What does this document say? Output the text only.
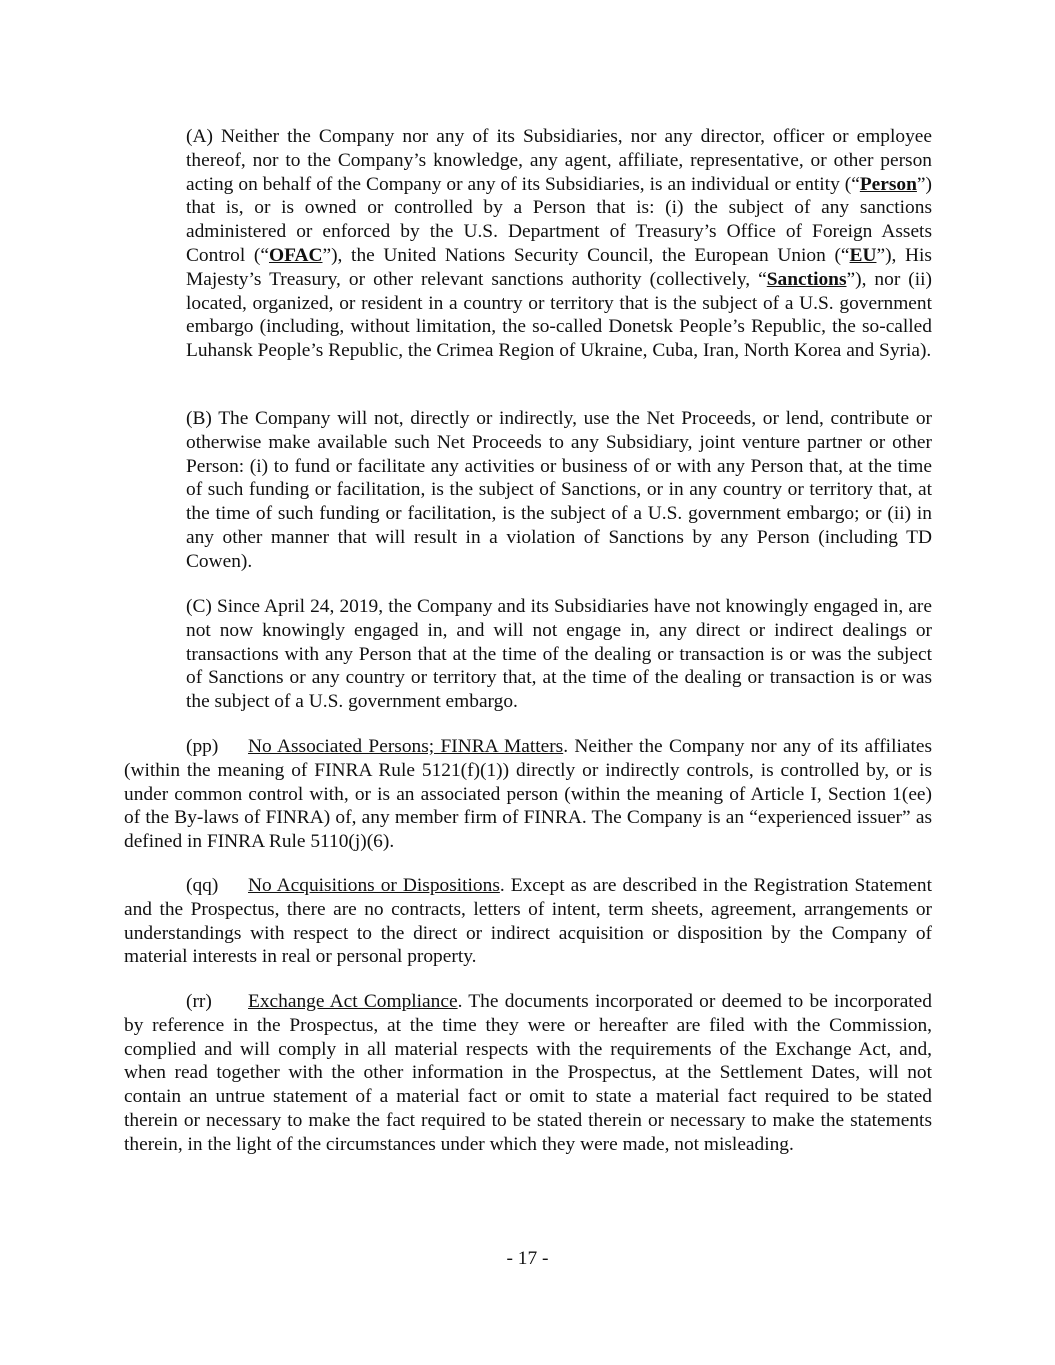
(A) Neither the Company nor any of its Subsidiaries, nor any director, officer or employee thereof, nor to the Company’s knowledge, any agent, affiliate, representative, or other person acting on behalf of the Company or any of its Subsidiaries, is an individual or entity (“Person”) that is, or is owned or controlled by a Person that is: (i) the subject of any sanctions administered or enforced by the U.S. Department of Treasury’s Office of Foreign Assets Control (“OFAC”), the United Nations Security Council, the European Union (“EU”), His Majesty’s Treasury, or other relevant sanctions authority (collectively, “Sanctions”), nor (ii) located, organized, or resident in a country or territory that is the subject of a U.S. government embargo (including, without limitation, the so-called Donetsk People’s Republic, the so-called Luhansk People’s Republic, the Crimea Region of Ukraine, Cuba, Iran, North Korea and Syria).

(B) The Company will not, directly or indirectly, use the Net Proceeds, or lend, contribute or otherwise make available such Net Proceeds to any Subsidiary, joint venture partner or other Person: (i) to fund or facilitate any activities or business of or with any Person that, at the time of such funding or facilitation, is the subject of Sanctions, or in any country or territory that, at the time of such funding or facilitation, is the subject of a U.S. government embargo; or (ii) in any other manner that will result in a violation of Sanctions by any Person (including TD Cowen).

(C) Since April 24, 2019, the Company and its Subsidiaries have not knowingly engaged in, are not now knowingly engaged in, and will not engage in, any direct or indirect dealings or transactions with any Person that at the time of the dealing or transaction is or was the subject of Sanctions or any country or territory that, at the time of the dealing or transaction is or was the subject of a U.S. government embargo.

(pp) No Associated Persons; FINRA Matters. Neither the Company nor any of its affiliates (within the meaning of FINRA Rule 5121(f)(1)) directly or indirectly controls, is controlled by, or is under common control with, or is an associated person (within the meaning of Article I, Section 1(ee) of the By-laws of FINRA) of, any member firm of FINRA. The Company is an “experienced issuer” as defined in FINRA Rule 5110(j)(6).

(qq) No Acquisitions or Dispositions. Except as are described in the Registration Statement and the Prospectus, there are no contracts, letters of intent, term sheets, agreement, arrangements or understandings with respect to the direct or indirect acquisition or disposition by the Company of material interests in real or personal property.

(rr) Exchange Act Compliance. The documents incorporated or deemed to be incorporated by reference in the Prospectus, at the time they were or hereafter are filed with the Commission, complied and will comply in all material respects with the requirements of the Exchange Act, and, when read together with the other information in the Prospectus, at the Settlement Dates, will not contain an untrue statement of a material fact or omit to state a material fact required to be stated therein or necessary to make the fact required to be stated therein or necessary to make the statements therein, in the light of the circumstances under which they were made, not misleading.

- 17 -
